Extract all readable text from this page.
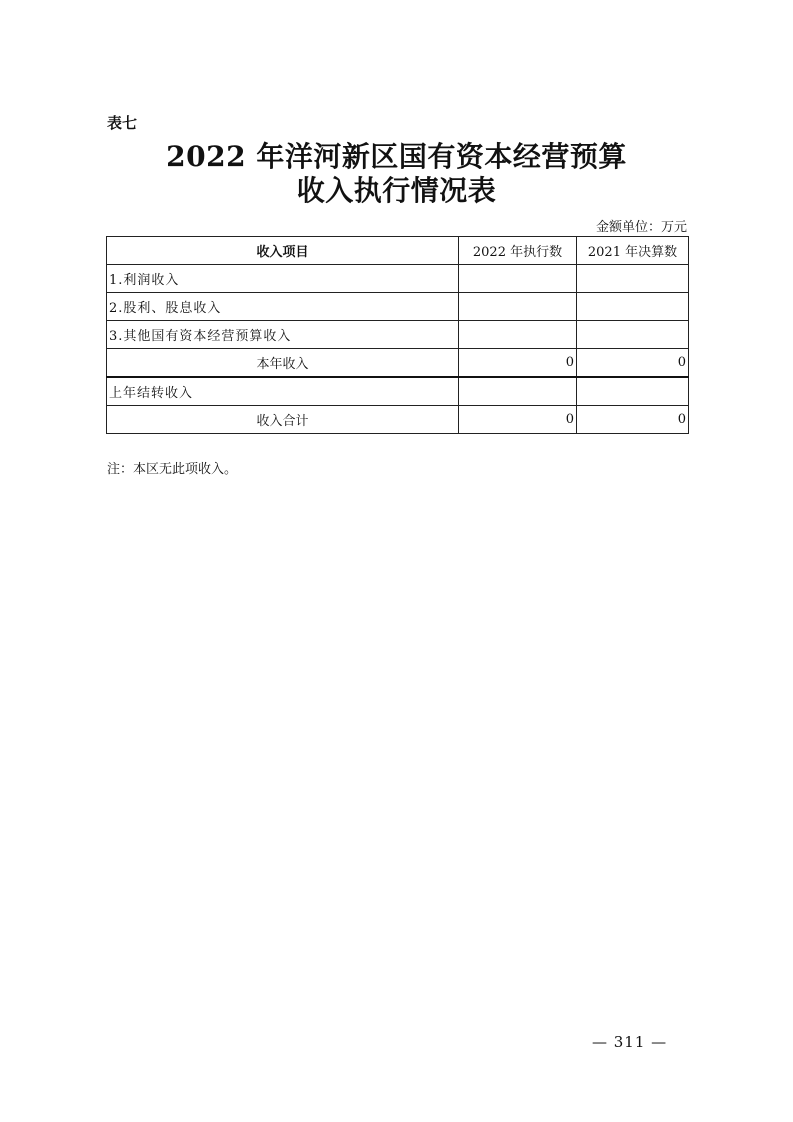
表七
2022 年洋河新区国有资本经营预算
收入执行情况表
金额单位：万元
收入项目	2022 年执行数	2021 年决算数
1.利润收入		
2.股利、股息收入		
3.其他国有资本经营预算收入		
本年收入	0	0
上年结转收入		
收入合计	0	0
注：本区无此项收入。
— 311 —
